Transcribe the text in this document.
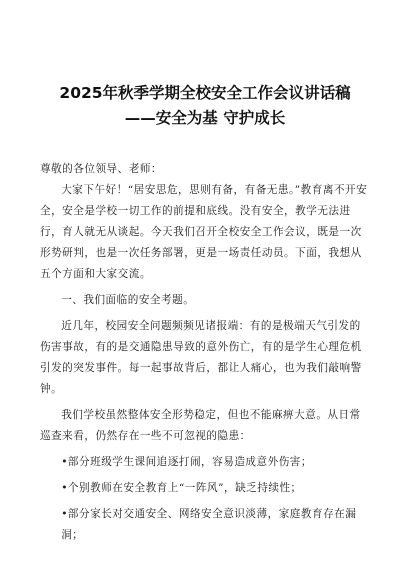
2025年秋季学期全校安全工作会议讲话稿

——安全为基 守护成长

尊敬的各位领导、老师：

大家下午好！“居安思危，思则有备，有备无患。”教育离不开安全，安全是学校一切工作的前提和底线。没有安全，教学无法进行，育人就无从谈起。今天我们召开全校安全工作会议，既是一次形势研判，也是一次任务部署，更是一场责任动员。下面，我想从五个方面和大家交流。

一、我们面临的安全考题。

近几年，校园安全问题频频见诸报端：有的是极端天气引发的伤害事故，有的是交通隐患导致的意外伤亡，有的是学生心理危机引发的突发事件。每一起事故背后，都让人痛心，也为我们敲响警钟。

我们学校虽然整体安全形势稳定，但也不能麻痹大意。从日常巡查来看，仍然存在一些不可忽视的隐患：

•部分班级学生课间追逐打闹，容易造成意外伤害；

•个别教师在安全教育上“一阵风”，缺乏持续性；

•部分家长对交通安全、网络安全意识淡薄，家庭教育存在漏洞；
